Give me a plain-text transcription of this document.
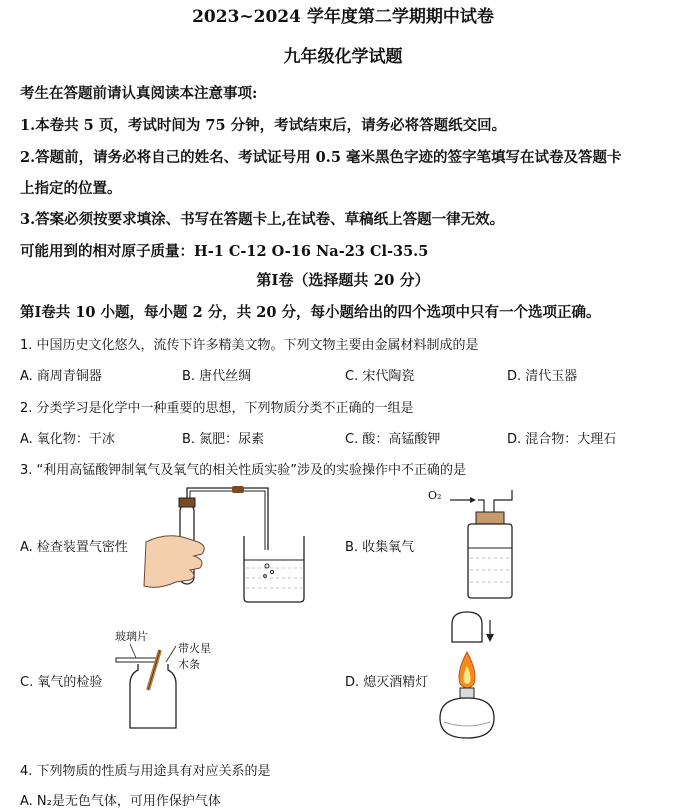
2023~2024 学年度第二学期期中试卷
九年级化学试题
考生在答题前请认真阅读本注意事项:
1.本卷共 5 页，考试时间为 75 分钟，考试结束后，请务必将答题纸交回。
2.答题前，请务必将自己的姓名、考试证号用 0.5 毫米黑色字迹的签字笔填写在试卷及答题卡
上指定的位置。
3.答案必须按要求填涂、书写在答题卡上,在试卷、草稿纸上答题一律无效。
可能用到的相对原子质量：H-1 C-12 O-16 Na-23 Cl-35.5
第Ⅰ卷（选择题共 20 分）
第Ⅰ卷共 10 小题，每小题 2 分，共 20 分，每小题给出的四个选项中只有一个选项正确。
1. 中国历史文化悠久，流传下许多精美文物。下列文物主要由金属材料制成的是
A. 商周青铜器	B. 唐代丝绸	C. 宋代陶瓷	D. 清代玉器
2. 分类学习是化学中一种重要的思想，下列物质分类不正确的一组是
A. 氧化物：干冰	B. 氮肥：尿素	C. 酸：高锰酸钾	D. 混合物：大理石
3. “利用高锰酸钾制氧气及氧气的相关性质实验”涉及的实验操作中不正确的是
A. 检查装置气密性	B. 收集氧气
C. 氧气的检验	D. 熄灭酒精灯
O₂
玻璃片
带火星
木条
4. 下列物质的性质与用途具有对应关系的是
A. N₂是无色气体，可用作保护气体
